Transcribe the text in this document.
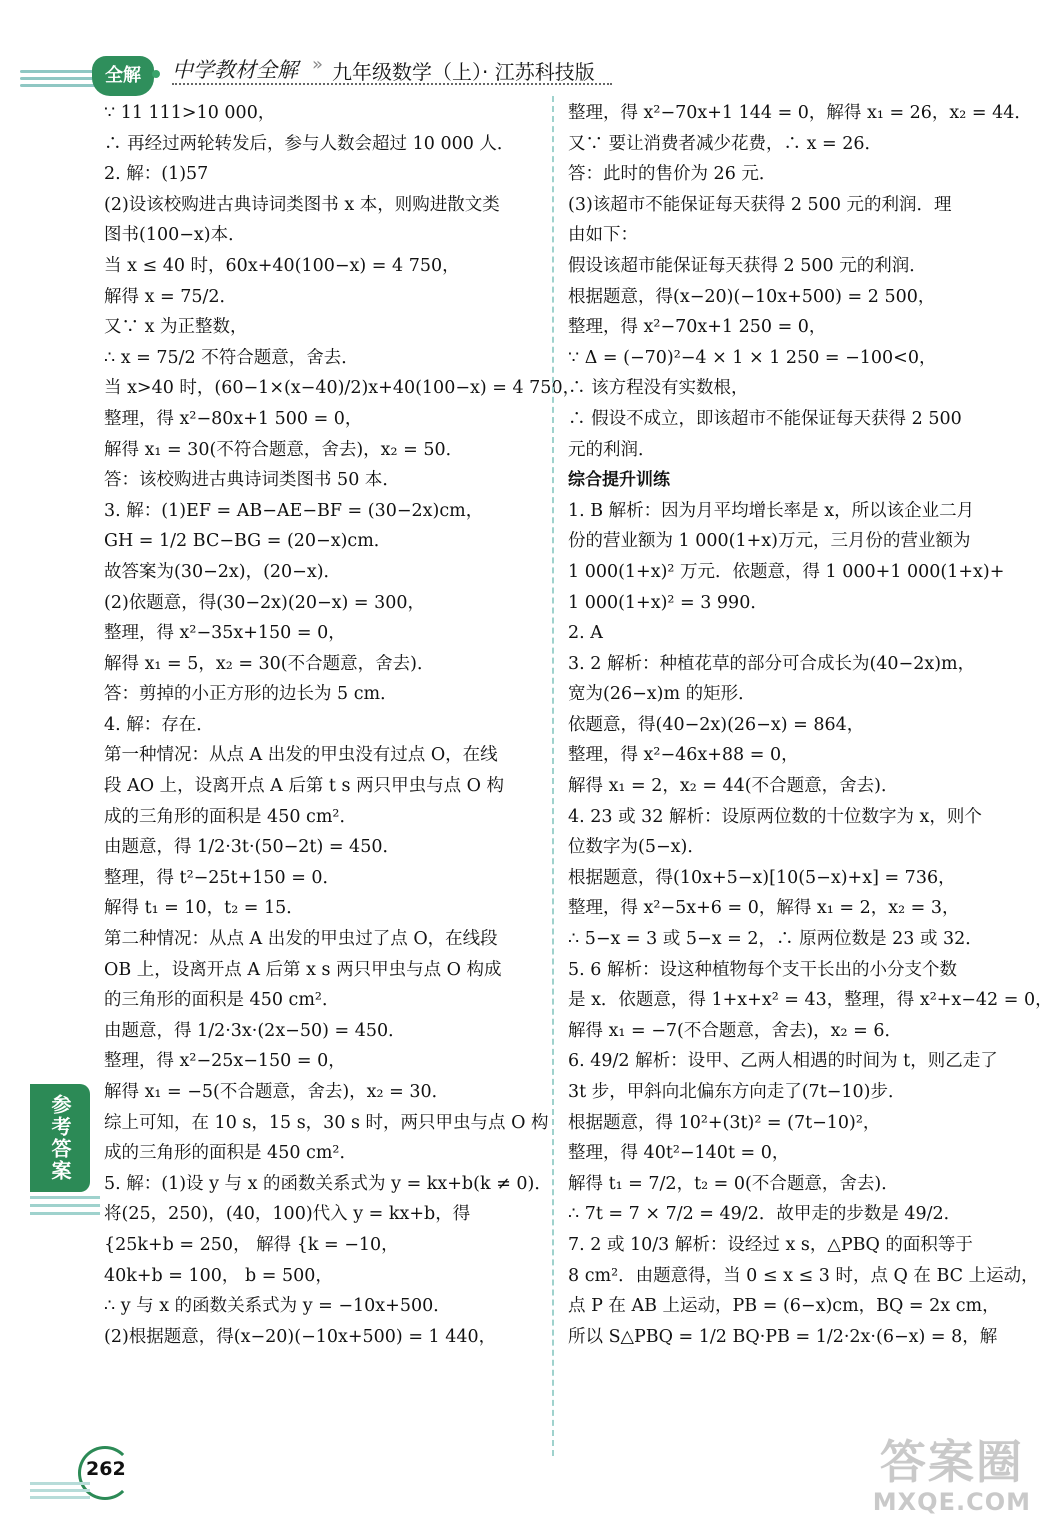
全解	中学教材全解 » 九年级数学（上）· 江苏科技版
∵ 11 111>10 000，
∴ 再经过两轮转发后，参与人数会超过 10 000 人．
2. 解：(1)57
(2)设该校购进古典诗词类图书 x 本，则购进散文类
图书(100−x)本．
当 x ≤ 40 时，60x+40(100−x) = 4 750，
解得 x = 75/2．
又∵ x 为正整数，
∴ x = 75/2 不符合题意，舍去．
当 x>40 时，(60−1×(x−40)/2)x+40(100−x) = 4 750，
整理，得 x²−80x+1 500 = 0，
解得 x₁ = 30(不符合题意，舍去)，x₂ = 50．
答：该校购进古典诗词类图书 50 本．
3. 解：(1)EF = AB−AE−BF = (30−2x)cm，
GH = 1/2 BC−BG = (20−x)cm．
故答案为(30−2x)，(20−x)．
(2)依题意，得(30−2x)(20−x) = 300，
整理，得 x²−35x+150 = 0，
解得 x₁ = 5，x₂ = 30(不合题意，舍去)．
答：剪掉的小正方形的边长为 5 cm．
4. 解：存在．
第一种情况：从点 A 出发的甲虫没有过点 O，在线
段 AO 上，设离开点 A 后第 t s 两只甲虫与点 O 构
成的三角形的面积是 450 cm²．
由题意，得 1/2·3t·(50−2t) = 450．
整理，得 t²−25t+150 = 0．
解得 t₁ = 10，t₂ = 15．
第二种情况：从点 A 出发的甲虫过了点 O，在线段
OB 上，设离开点 A 后第 x s 两只甲虫与点 O 构成
的三角形的面积是 450 cm²．
由题意，得 1/2·3x·(2x−50) = 450．
整理，得 x²−25x−150 = 0，
解得 x₁ = −5(不合题意，舍去)，x₂ = 30．
综上可知，在 10 s，15 s，30 s 时，两只甲虫与点 O 构
成的三角形的面积是 450 cm²．
5. 解：(1)设 y 与 x 的函数关系式为 y = kx+b(k ≠ 0)．
将(25，250)，(40，100)代入 y = kx+b，得
{25k+b = 250， 解得 {k = −10，
40k+b = 100， b = 500，
∴ y 与 x 的函数关系式为 y = −10x+500．
(2)根据题意，得(x−20)(−10x+500) = 1 440，
整理，得 x²−70x+1 144 = 0，解得 x₁ = 26，x₂ = 44．
又∵ 要让消费者减少花费，∴ x = 26．
答：此时的售价为 26 元．
(3)该超市不能保证每天获得 2 500 元的利润．理
由如下：
假设该超市能保证每天获得 2 500 元的利润．
根据题意，得(x−20)(−10x+500) = 2 500，
整理，得 x²−70x+1 250 = 0，
∵ Δ = (−70)²−4 × 1 × 1 250 = −100<0，
∴ 该方程没有实数根，
∴ 假设不成立，即该超市不能保证每天获得 2 500
元的利润．
综合提升训练
1. B 解析：因为月平均增长率是 x，所以该企业二月
份的营业额为 1 000(1+x)万元，三月份的营业额为
1 000(1+x)² 万元．依题意，得 1 000+1 000(1+x)+
1 000(1+x)² = 3 990．
2. A
3. 2 解析：种植花草的部分可合成长为(40−2x)m，
宽为(26−x)m 的矩形．
依题意，得(40−2x)(26−x) = 864，
整理，得 x²−46x+88 = 0，
解得 x₁ = 2，x₂ = 44(不合题意，舍去)．
4. 23 或 32 解析：设原两位数的十位数字为 x，则个
位数字为(5−x)．
根据题意，得(10x+5−x)[10(5−x)+x] = 736，
整理，得 x²−5x+6 = 0，解得 x₁ = 2，x₂ = 3，
∴ 5−x = 3 或 5−x = 2，∴ 原两位数是 23 或 32．
5. 6 解析：设这种植物每个支干长出的小分支个数
是 x．依题意，得 1+x+x² = 43，整理，得 x²+x−42 = 0，
解得 x₁ = −7(不合题意，舍去)，x₂ = 6．
6. 49/2 解析：设甲、乙两人相遇的时间为 t，则乙走了
3t 步，甲斜向北偏东方向走了(7t−10)步．
根据题意，得 10²+(3t)² = (7t−10)²，
整理，得 40t²−140t = 0，
解得 t₁ = 7/2，t₂ = 0(不合题意，舍去)．
∴ 7t = 7 × 7/2 = 49/2．故甲走的步数是 49/2．
7. 2 或 10/3 解析：设经过 x s，△PBQ 的面积等于
8 cm²．由题意得，当 0 ≤ x ≤ 3 时，点 Q 在 BC 上运动，
点 P 在 AB 上运动，PB = (6−x)cm，BQ = 2x cm，
所以 S△PBQ = 1/2 BQ·PB = 1/2·2x·(6−x) = 8，解
参考答案
262	答案圈
MXQE.COM
